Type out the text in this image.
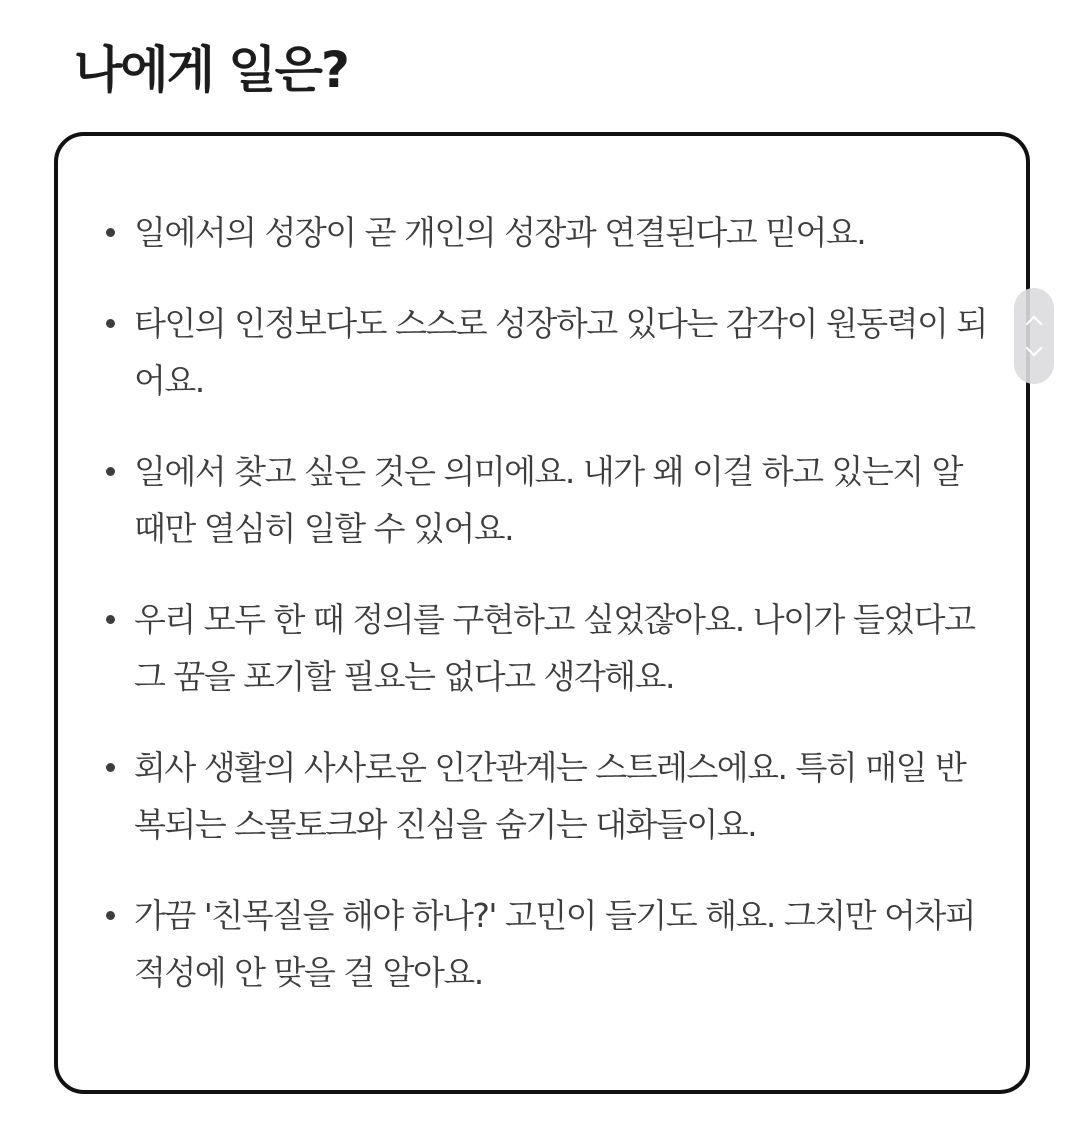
나에게 일은?
일에서의 성장이 곧 개인의 성장과 연결된다고 믿어요.
타인의 인정보다도 스스로 성장하고 있다는 감각이 원동력이 되어요.
일에서 찾고 싶은 것은 의미에요. 내가 왜 이걸 하고 있는지 알 때만 열심히 일할 수 있어요.
우리 모두 한 때 정의를 구현하고 싶었잖아요. 나이가 들었다고 그 꿈을 포기할 필요는 없다고 생각해요.
회사 생활의 사사로운 인간관계는 스트레스에요. 특히 매일 반복되는 스몰토크와 진심을 숨기는 대화들이요.
가끔 '친목질을 해야 하나?' 고민이 들기도 해요. 그치만 어차피 적성에 안 맞을 걸 알아요.
